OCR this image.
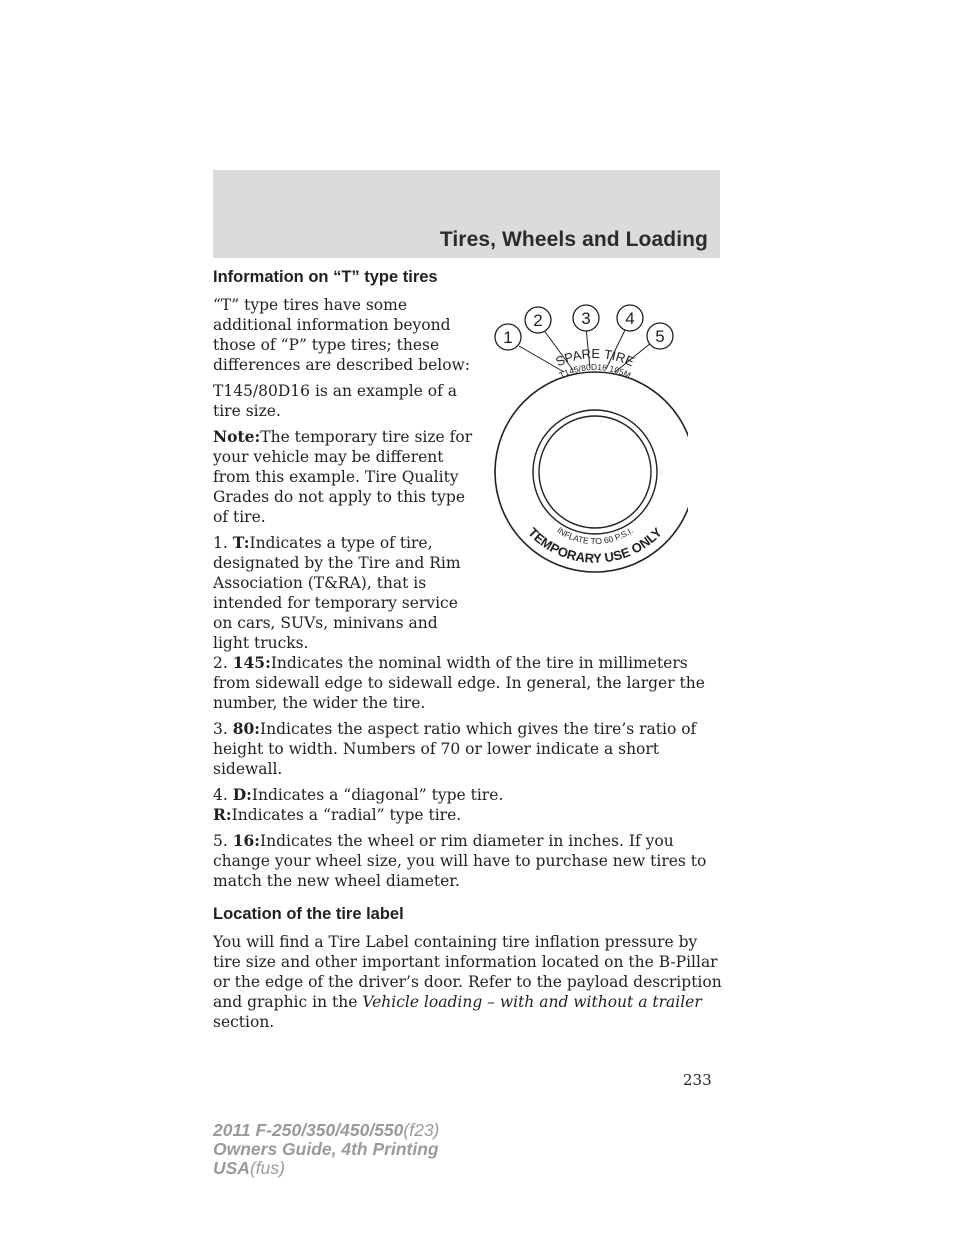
Tires, Wheels and Loading
Information on “T” type tires

“T” type tires have some additional information beyond those of “P” type tires; these differences are described below:

T145/80D16 is an example of a tire size.

Note:The temporary tire size for your vehicle may be different from this example. Tire Quality Grades do not apply to this type of tire.

1. T:Indicates a type of tire, designated by the Tire and Rim Association (T&RA), that is intended for temporary service on cars, SUVs, minivans and light trucks.

2. 145:Indicates the nominal width of the tire in millimeters from sidewall edge to sidewall edge. In general, the larger the number, the wider the tire.

3. 80:Indicates the aspect ratio which gives the tire’s ratio of height to width. Numbers of 70 or lower indicate a short sidewall.

4. D:Indicates a “diagonal” type tire.

R:Indicates a “radial” type tire.

5. 16:Indicates the wheel or rim diameter in inches. If you change your wheel size, you will have to purchase new tires to match the new wheel diameter.

Location of the tire label

You will find a Tire Label containing tire inflation pressure by tire size and other important information located on the B-Pillar or the edge of the driver’s door. Refer to the payload description and graphic in the Vehicle loading – with and without a trailer section.

1
2 3 4
5
SPARE TIRE
T145/80D16 105M
TEMPORARY USE ONLY
INFLATE TO 60 P.S.I.
233
2011 F-250/350/450/550(f23)
Owners Guide, 4th Printing
USA(fus)
